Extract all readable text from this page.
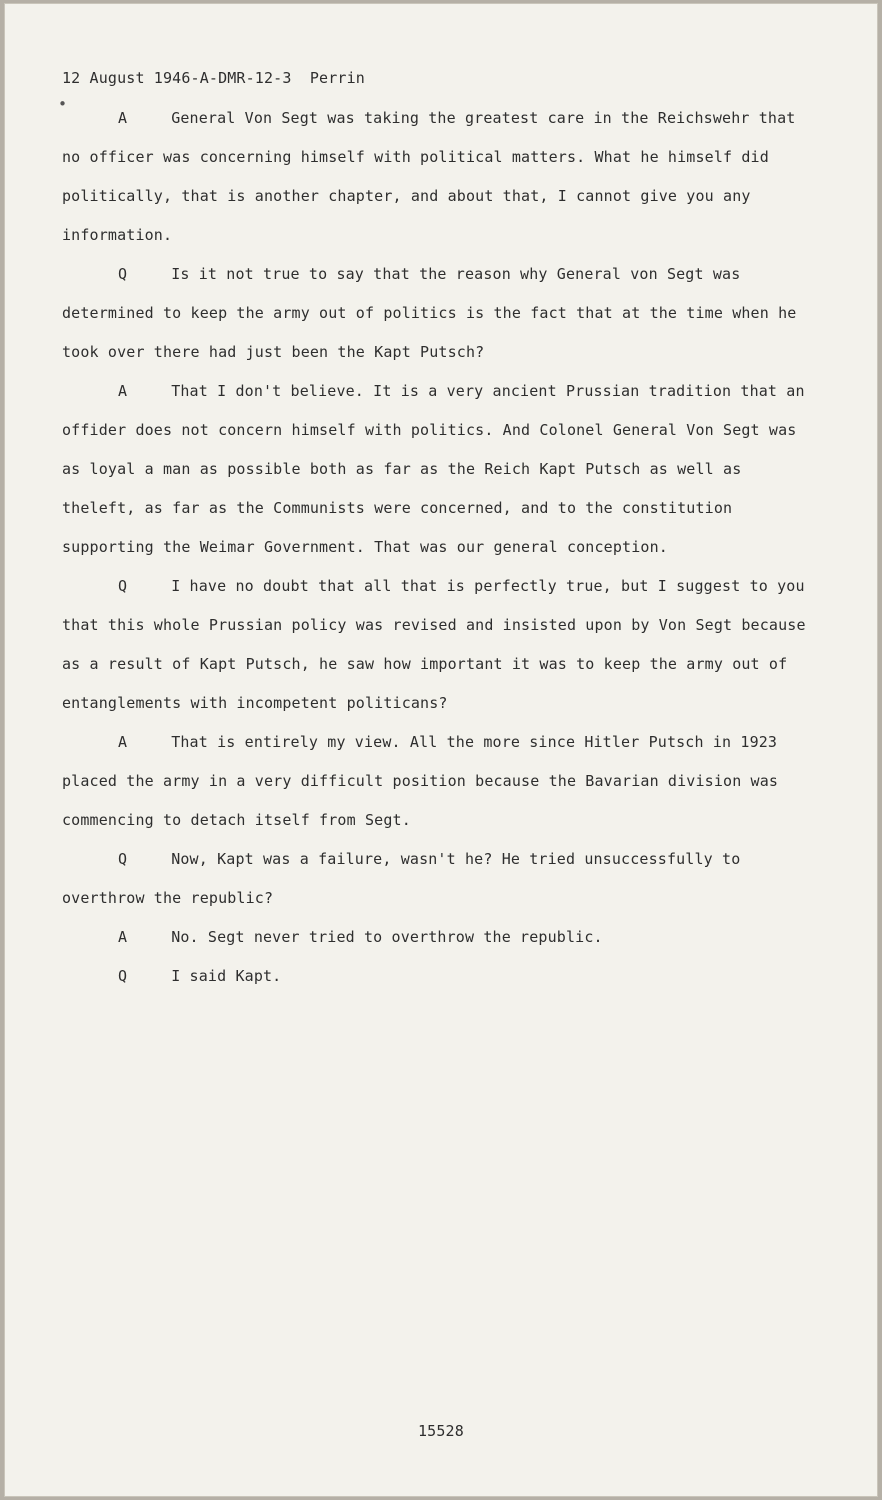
12 August 1946-A-DMR-12-3  Perrin
•

A	General Von Segt was taking the greatest care in the Reichswehr that no officer was concerning himself with political matters. What he himself did politically, that is another chapter, and about that, I cannot give you any information.

Q	Is it not true to say that the reason why General von Segt was determined to keep the army out of politics is the fact that at the time when he took over there had just been the Kapt Putsch?

A	That I don't believe. It is a very ancient Prussian tradition that an offider does not concern himself with politics. And Colonel General Von Segt was as loyal a man as possible both as far as the Reich Kapt Putsch as well as theleft, as far as the Communists were concerned, and to the constitution supporting the Weimar Government. That was our general conception.

Q	I have no doubt that all that is perfectly true, but I suggest to you that this whole Prussian policy was revised and insisted upon by Von Segt because as a result of Kapt Putsch, he saw how important it was to keep the army out of entanglements with incompetent politicans?

A	That is entirely my view. All the more since Hitler Putsch in 1923 placed the army in a very difficult position because the Bavarian division was commencing to detach itself from Segt.

Q	Now, Kapt was a failure, wasn't he? He tried unsuccessfully to overthrow the republic?

A	No. Segt never tried to overthrow the republic.

Q	I said Kapt.

15528
